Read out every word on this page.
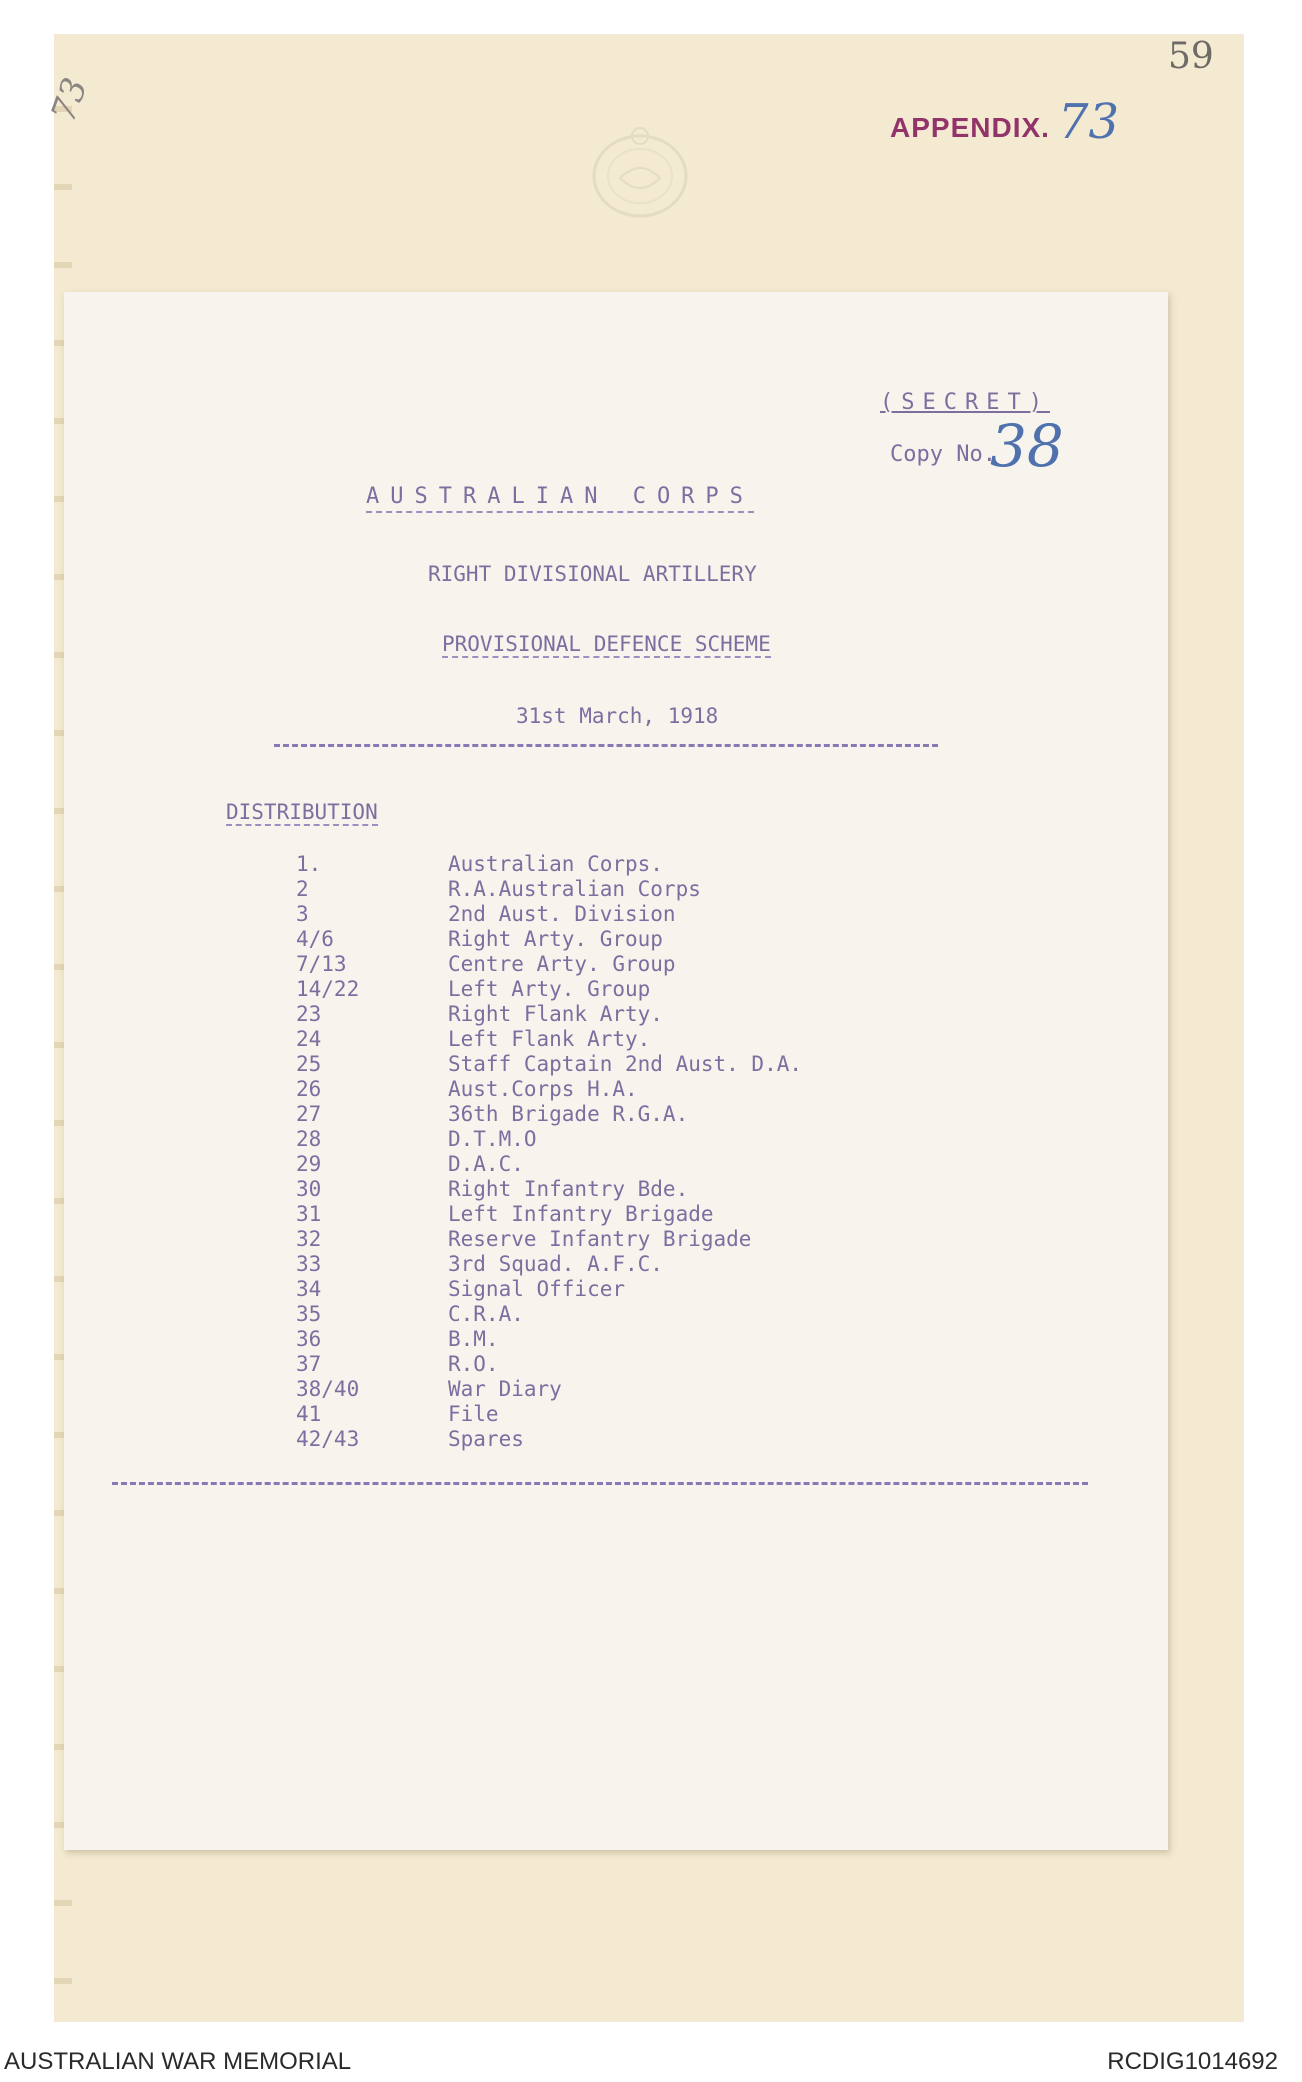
59
73
APPENDIX. 73
(SECRET)
Copy No.
38
AUSTRALIAN CORPS
RIGHT DIVISIONAL ARTILLERY
PROVISIONAL DEFENCE SCHEME
31st March, 1918
DISTRIBUTION
1.	Australian Corps.
2	R.A.Australian Corps
3	2nd Aust. Division
4/6	Right Arty. Group
7/13	Centre Arty. Group
14/22	Left Arty. Group
23	Right Flank Arty.
24	Left Flank Arty.
25	Staff Captain 2nd Aust. D.A.
26	Aust.Corps H.A.
27	36th Brigade R.G.A.
28	D.T.M.O
29	D.A.C.
30	Right Infantry Bde.
31	Left Infantry Brigade
32	Reserve Infantry Brigade
33	3rd Squad. A.F.C.
34	Signal Officer
35	C.R.A.
36	B.M.
37	R.O.
38/40	War Diary
41	File
42/43	Spares
AUSTRALIAN WAR MEMORIAL	RCDIG1014692
